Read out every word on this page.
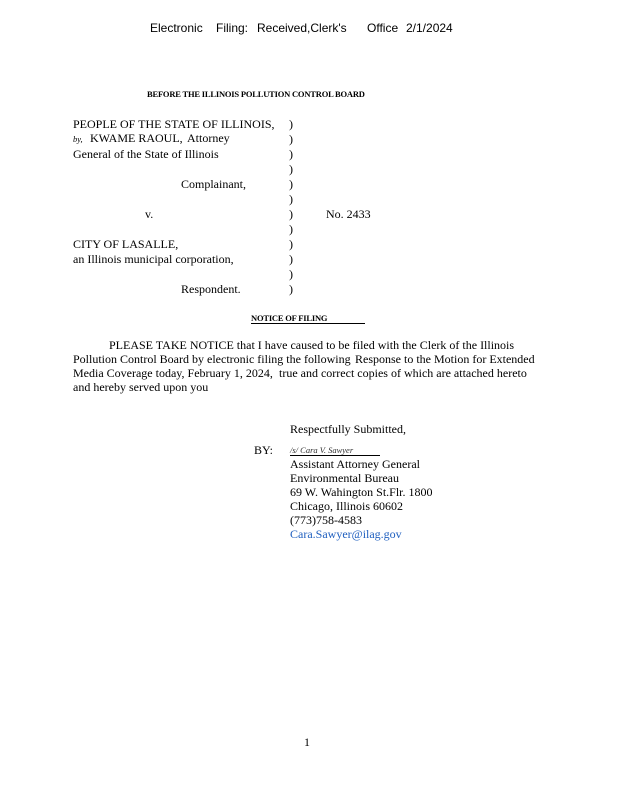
Electronic Filing: Received,Clerk's Office 2/1/2024
BEFORE THE ILLINOIS POLLUTION CONTROL BOARD
PEOPLE OF THE STATE OF ILLINOIS,
by, KWAME RAOUL, Attorney
General of the State of Illinois
Complainant,
v.
CITY OF LASALLE,
an Illinois municipal corporation,
Respondent.
)
)
)
)
)
)
)
)
)
)
)
)
No. 2433
NOTICE OF FILING
PLEASE TAKE NOTICE that I have caused to be filed with the Clerk of the Illinois
Pollution Control Board by electronic filing the following Response to the Motion for Extended
Media Coverage today, February 1, 2024, true and correct copies of which are attached hereto
and hereby served upon you
Respectfully Submitted,
BY: /s/ Cara V. Sawyer
Assistant Attorney General
Environmental Bureau
69 W. Wahington St.Flr. 1800
Chicago, Illinois 60602
(773)758-4583
Cara.Sawyer@ilag.gov
1
